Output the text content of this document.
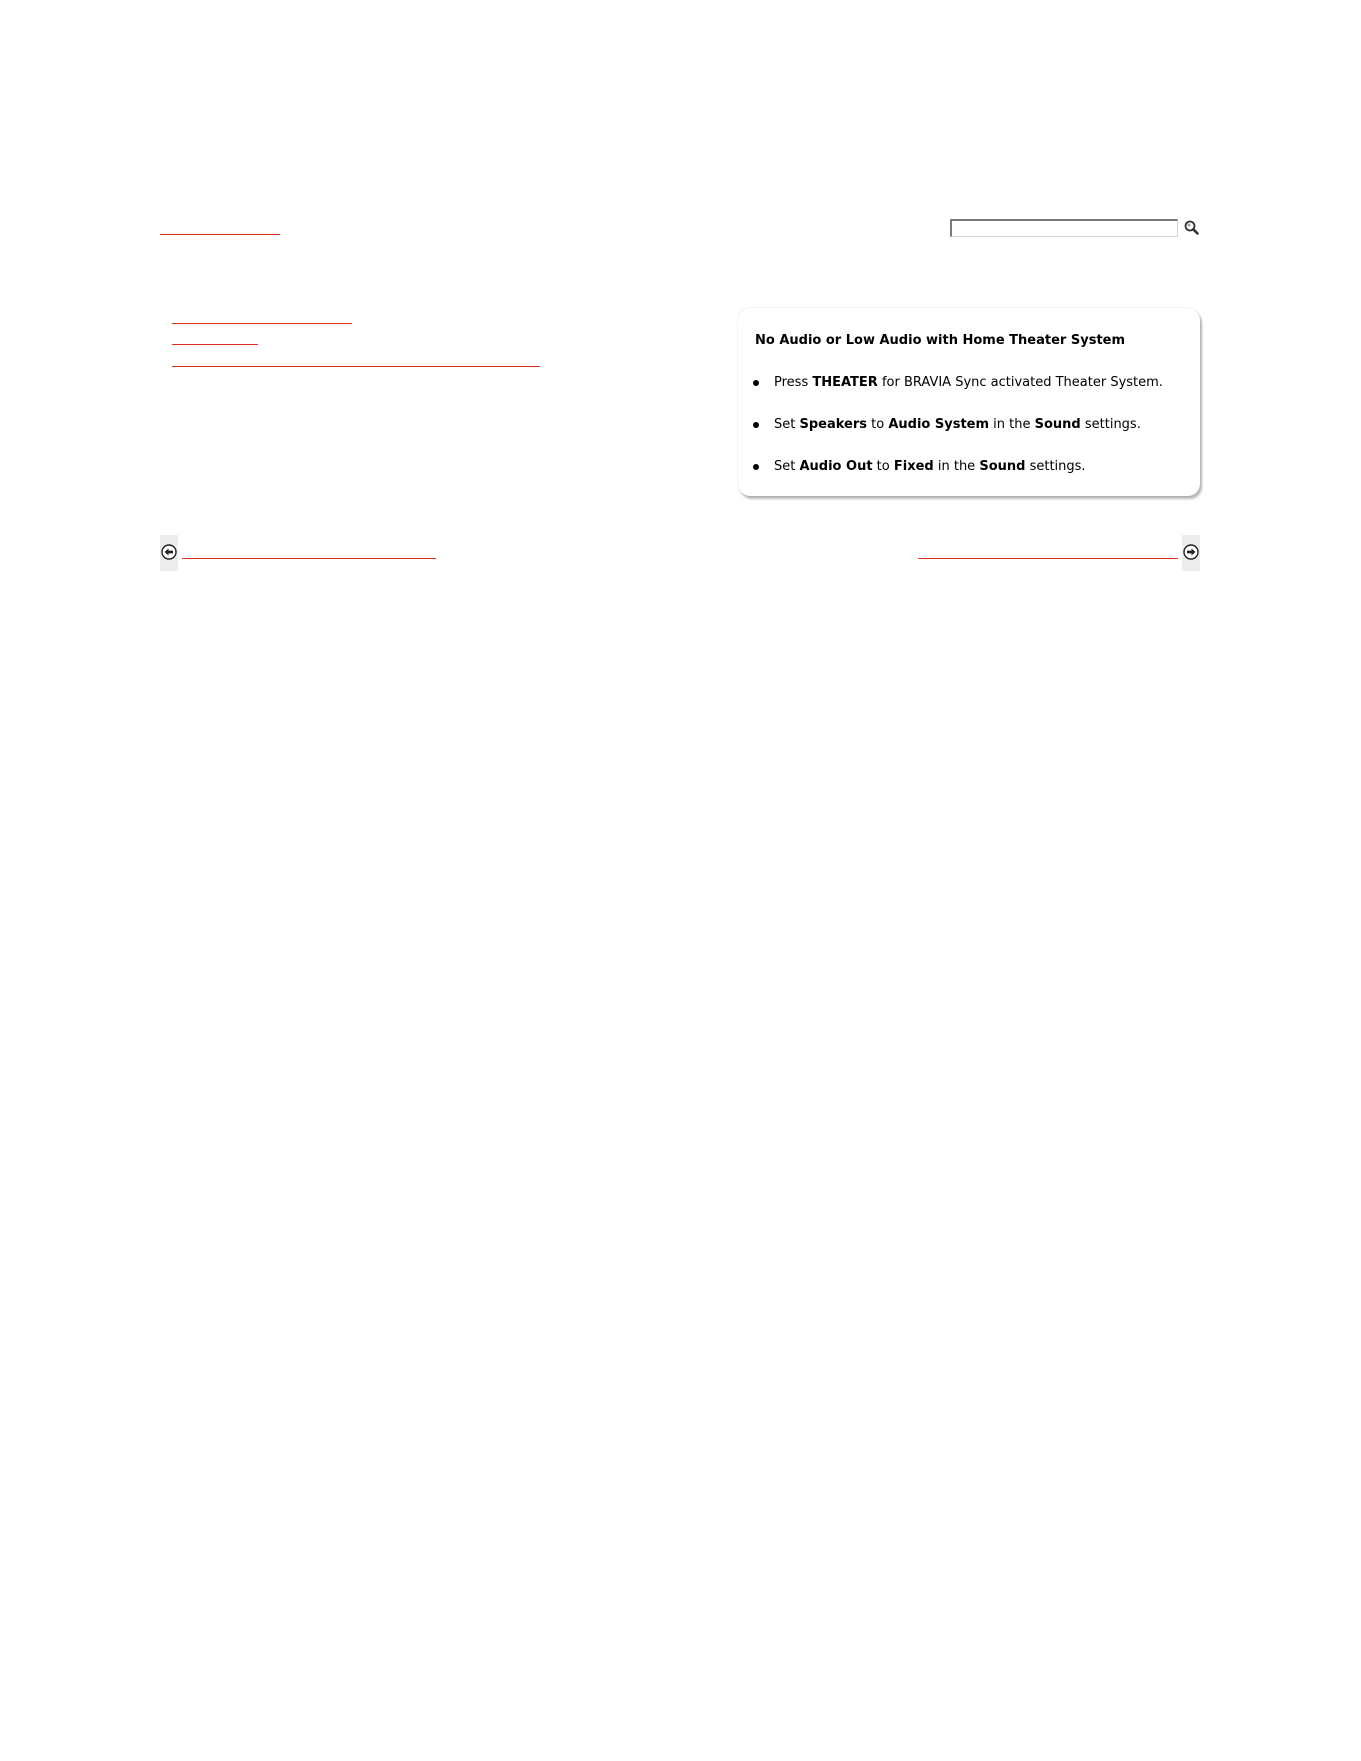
No Audio or Low Audio with Home Theater System
Press THEATER for BRAVIA Sync activated Theater System.
Set Speakers to Audio System in the Sound settings.
Set Audio Out to Fixed in the Sound settings.
